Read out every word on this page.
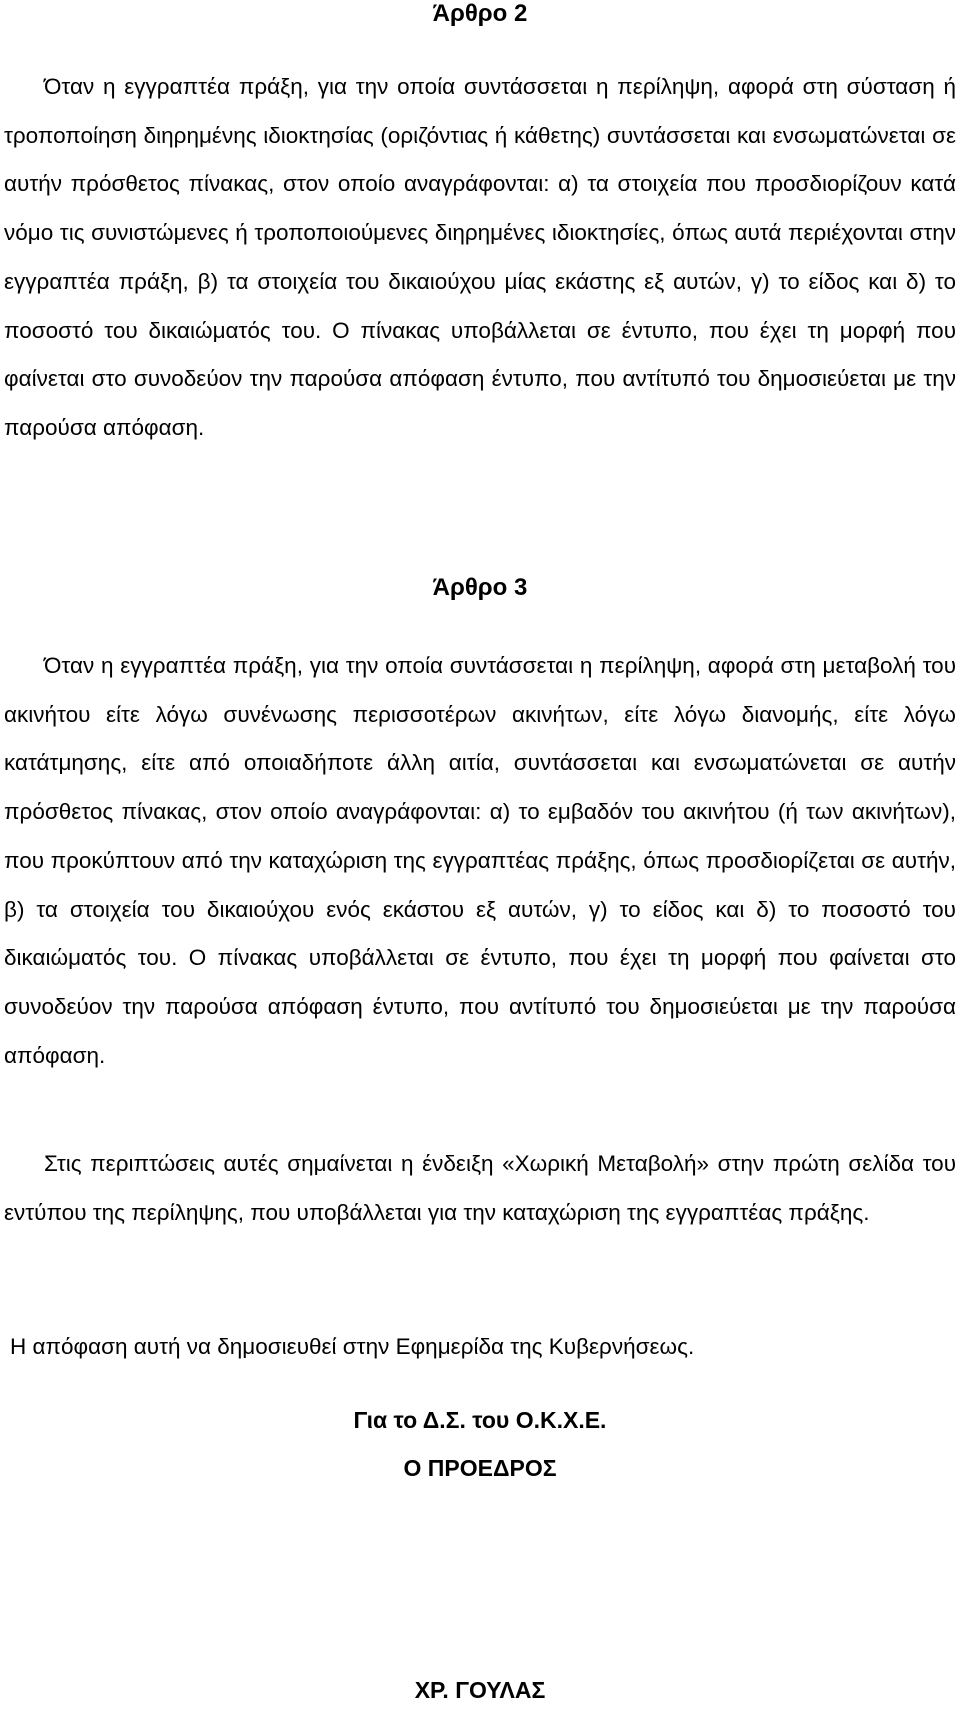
Άρθρο 2
Όταν η εγγραπτέα πράξη, για την οποία συντάσσεται η περίληψη, αφορά στη σύσταση ή τροποποίηση διηρημένης ιδιοκτησίας (οριζόντιας ή κάθετης) συντάσσεται και ενσωματώνεται σε αυτήν πρόσθετος πίνακας, στον οποίο αναγράφονται: α) τα στοιχεία που προσδιορίζουν κατά νόμο τις συνιστώμενες ή τροποποιούμενες διηρημένες ιδιοκτησίες, όπως αυτά περιέχονται στην εγγραπτέα πράξη, β) τα στοιχεία του δικαιούχου μίας εκάστης εξ αυτών, γ) το είδος και δ) το ποσοστό του δικαιώματός του. Ο πίνακας υποβάλλεται σε έντυπο, που έχει τη μορφή που φαίνεται στο συνοδεύον την παρούσα απόφαση έντυπο, που αντίτυπό του δημοσιεύεται με την παρούσα απόφαση.
Άρθρο 3
Όταν η εγγραπτέα πράξη, για την οποία συντάσσεται η περίληψη, αφορά στη μεταβολή του ακινήτου είτε λόγω συνένωσης περισσοτέρων ακινήτων, είτε λόγω διανομής, είτε λόγω κατάτμησης, είτε από οποιαδήποτε άλλη αιτία, συντάσσεται και ενσωματώνεται σε αυτήν πρόσθετος πίνακας, στον οποίο αναγράφονται: α) το εμβαδόν του ακινήτου (ή των ακινήτων), που προκύπτουν από την καταχώριση της εγγραπτέας πράξης, όπως προσδιορίζεται σε αυτήν, β) τα στοιχεία του δικαιούχου ενός εκάστου εξ αυτών, γ) το είδος και δ) το ποσοστό του δικαιώματός του. Ο πίνακας υποβάλλεται σε έντυπο, που έχει τη μορφή που φαίνεται στο συνοδεύον την παρούσα απόφαση έντυπο, που αντίτυπό του δημοσιεύεται με την παρούσα απόφαση.
Στις περιπτώσεις αυτές σημαίνεται η ένδειξη «Χωρική Μεταβολή» στην πρώτη σελίδα του εντύπου της περίληψης, που υποβάλλεται για την καταχώριση της εγγραπτέας πράξης.
Η απόφαση αυτή να δημοσιευθεί στην Εφημερίδα της Κυβερνήσεως.
Για το Δ.Σ. του Ο.Κ.Χ.Ε.
Ο ΠΡΟΕΔΡΟΣ
ΧΡ. ΓΟΥΛΑΣ
